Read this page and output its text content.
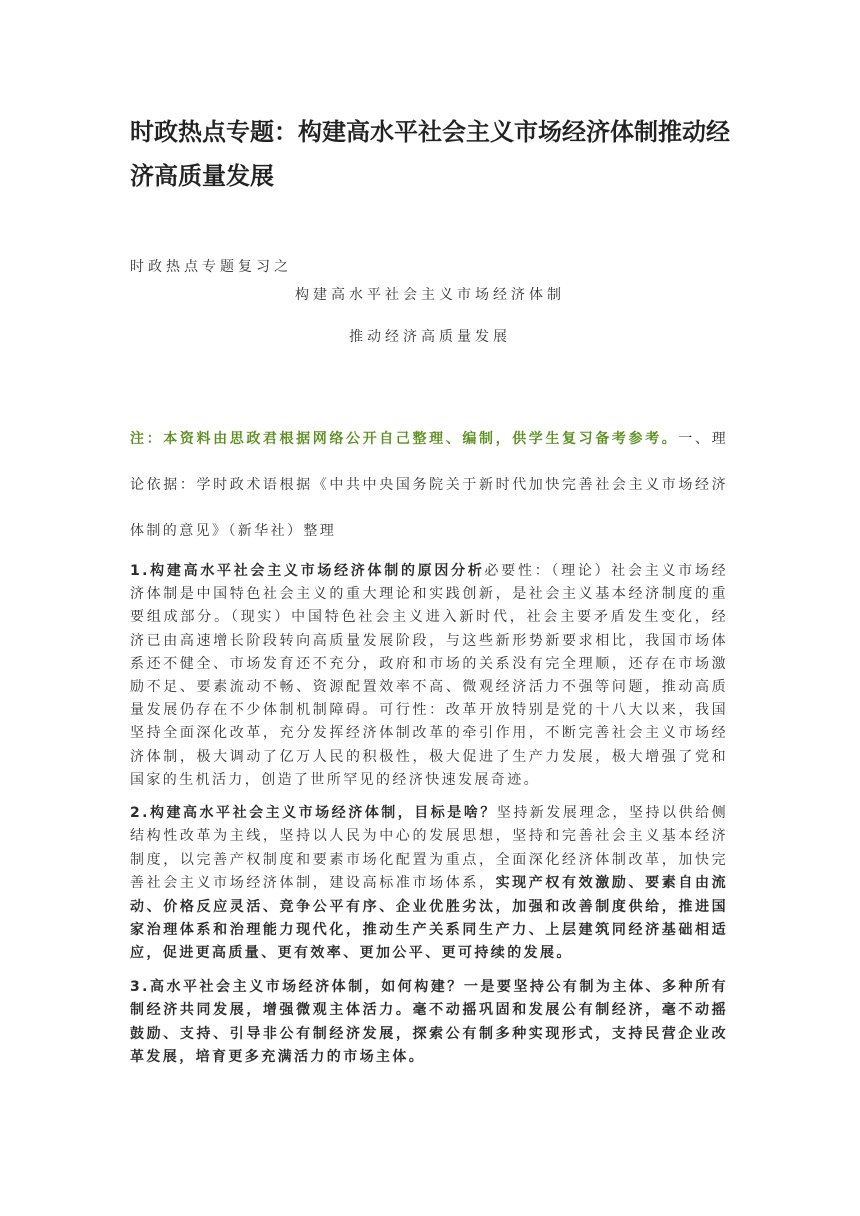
时政热点专题：构建高水平社会主义市场经济体制推动经济高质量发展
时政热点专题复习之
构建高水平社会主义市场经济体制
推动经济高质量发展
注：本资料由思政君根据网络公开自己整理、编制，供学生复习备考参考。一、理论依据：学时政术语根据《中共中央国务院关于新时代加快完善社会主义市场经济体制的意见》（新华社）整理
1.构建高水平社会主义市场经济体制的原因分析必要性：（理论）社会主义市场经济体制是中国特色社会主义的重大理论和实践创新，是社会主义基本经济制度的重要组成部分。（现实）中国特色社会主义进入新时代，社会主要矛盾发生变化，经济已由高速增长阶段转向高质量发展阶段，与这些新形势新要求相比，我国市场体系还不健全、市场发育还不充分，政府和市场的关系没有完全理顺，还存在市场激励不足、要素流动不畅、资源配置效率不高、微观经济活力不强等问题，推动高质量发展仍存在不少体制机制障碍。可行性：改革开放特别是党的十八大以来，我国坚持全面深化改革，充分发挥经济体制改革的牵引作用，不断完善社会主义市场经济体制，极大调动了亿万人民的积极性，极大促进了生产力发展，极大增强了党和国家的生机活力，创造了世所罕见的经济快速发展奇迹。
2.构建高水平社会主义市场经济体制，目标是啥？坚持新发展理念，坚持以供给侧结构性改革为主线，坚持以人民为中心的发展思想，坚持和完善社会主义基本经济制度，以完善产权制度和要素市场化配置为重点，全面深化经济体制改革，加快完善社会主义市场经济体制，建设高标准市场体系，实现产权有效激励、要素自由流动、价格反应灵活、竞争公平有序、企业优胜劣汰，加强和改善制度供给，推进国家治理体系和治理能力现代化，推动生产关系同生产力、上层建筑同经济基础相适应，促进更高质量、更有效率、更加公平、更可持续的发展。
3.高水平社会主义市场经济体制，如何构建？一是要坚持公有制为主体、多种所有制经济共同发展，增强微观主体活力。毫不动摇巩固和发展公有制经济，毫不动摇鼓励、支持、引导非公有制经济发展，探索公有制多种实现形式，支持民营企业改革发展，培育更多充满活力的市场主体。
